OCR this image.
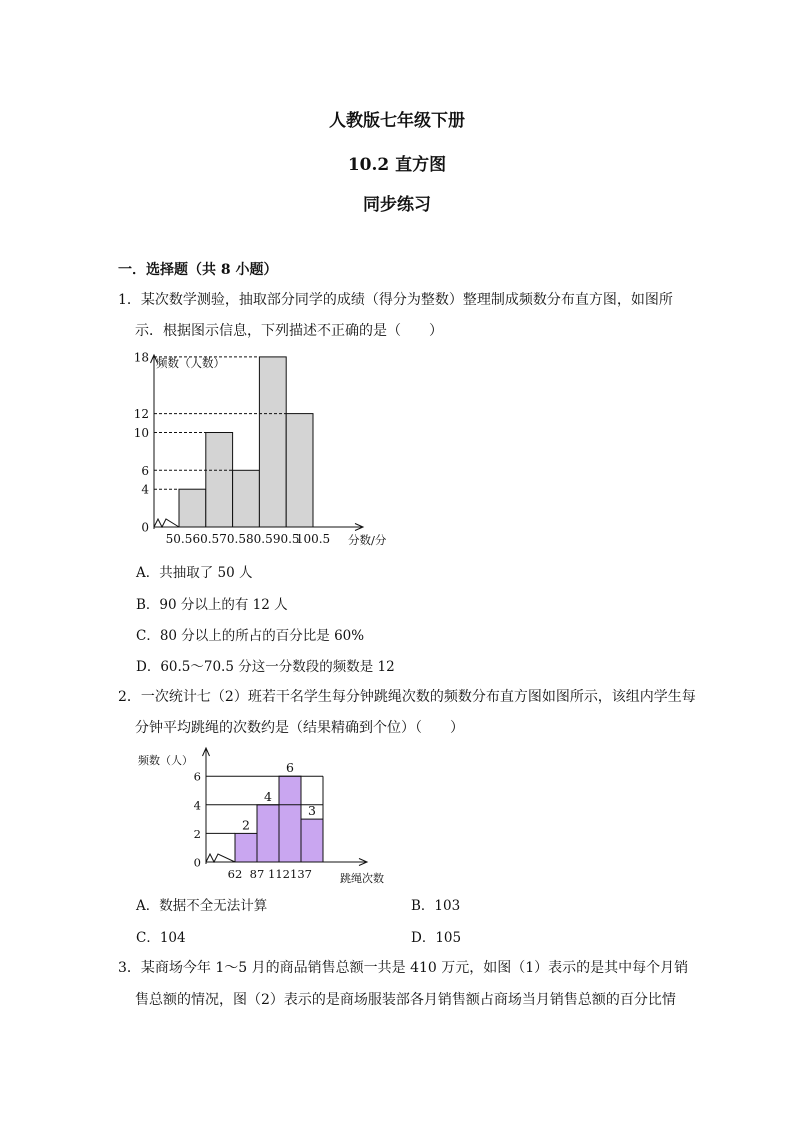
人教版七年级下册
10.2 直方图
同步练习
一．选择题（共 8 小题）
1．某次数学测验，抽取部分同学的成绩（得分为整数）整理制成频数分布直方图，如图所
示．根据图示信息，下列描述不正确的是（　　）
0
4
6
10
12
18
50.5 60.5 70.5 80.5 90.5
100.5
频数（人数）
分数/分
A．共抽取了 50 人
B．90 分以上的有 12 人
C．80 分以上的所占的百分比是 60%
D．60.5～70.5 分这一分数段的频数是 12
2．一次统计七（2）班若干名学生每分钟跳绳次数的频数分布直方图如图所示，该组内学生每
分钟平均跳绳的次数约是（结果精确到个位）（　　）
0
2
4
6
62 87 112 137
2
4
6
3
频数（人）
跳绳次数
A．数据不全无法计算	B．103
C．104	D．105
3．某商场今年 1～5 月的商品销售总额一共是 410 万元，如图（1）表示的是其中每个月销
售总额的情况，图（2）表示的是商场服装部各月销售额占商场当月销售总额的百分比情
